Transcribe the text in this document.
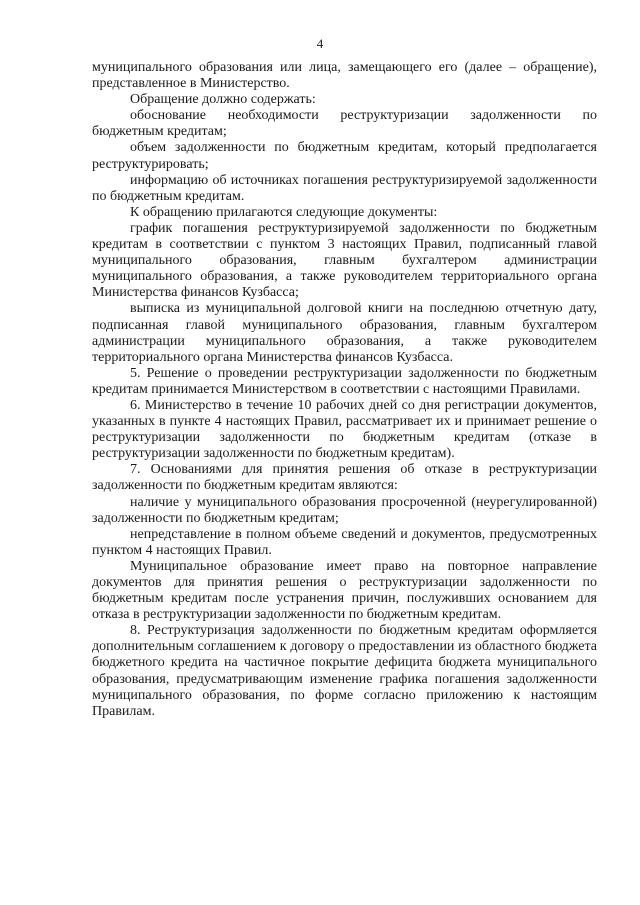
4

муниципального образования или лица, замещающего его (далее – обращение), представленное в Министерство.

Обращение должно содержать:

обоснование необходимости реструктуризации задолженности по бюджетным кредитам;

объем задолженности по бюджетным кредитам, который предполагается реструктурировать;

информацию об источниках погашения реструктуризируемой задолженности по бюджетным кредитам.

К обращению прилагаются следующие документы:

график погашения реструктуризируемой задолженности по бюджетным кредитам в соответствии с пунктом 3 настоящих Правил, подписанный главой муниципального образования, главным бухгалтером администрации муниципального образования, а также руководителем территориального органа Министерства финансов Кузбасса;

выписка из муниципальной долговой книги на последнюю отчетную дату, подписанная главой муниципального образования, главным бухгалтером администрации муниципального образования, а также руководителем территориального органа Министерства финансов Кузбасса.

5. Решение о проведении реструктуризации задолженности по бюджетным кредитам принимается Министерством в соответствии с настоящими Правилами.

6. Министерство в течение 10 рабочих дней со дня регистрации документов, указанных в пункте 4 настоящих Правил, рассматривает их и принимает решение о реструктуризации задолженности по бюджетным кредитам (отказе в реструктуризации задолженности по бюджетным кредитам).

7. Основаниями для принятия решения об отказе в реструктуризации задолженности по бюджетным кредитам являются:

наличие у муниципального образования просроченной (неурегулированной) задолженности по бюджетным кредитам;

непредставление в полном объеме сведений и документов, предусмотренных пунктом 4 настоящих Правил.

Муниципальное образование имеет право на повторное направление документов для принятия решения о реструктуризации задолженности по бюджетным кредитам после устранения причин, послуживших основанием для отказа в реструктуризации задолженности по бюджетным кредитам.

8. Реструктуризация задолженности по бюджетным кредитам оформляется дополнительным соглашением к договору о предоставлении из областного бюджета бюджетного кредита на частичное покрытие дефицита бюджета муниципального образования, предусматривающим изменение графика погашения задолженности муниципального образования, по форме согласно приложению к настоящим Правилам.
